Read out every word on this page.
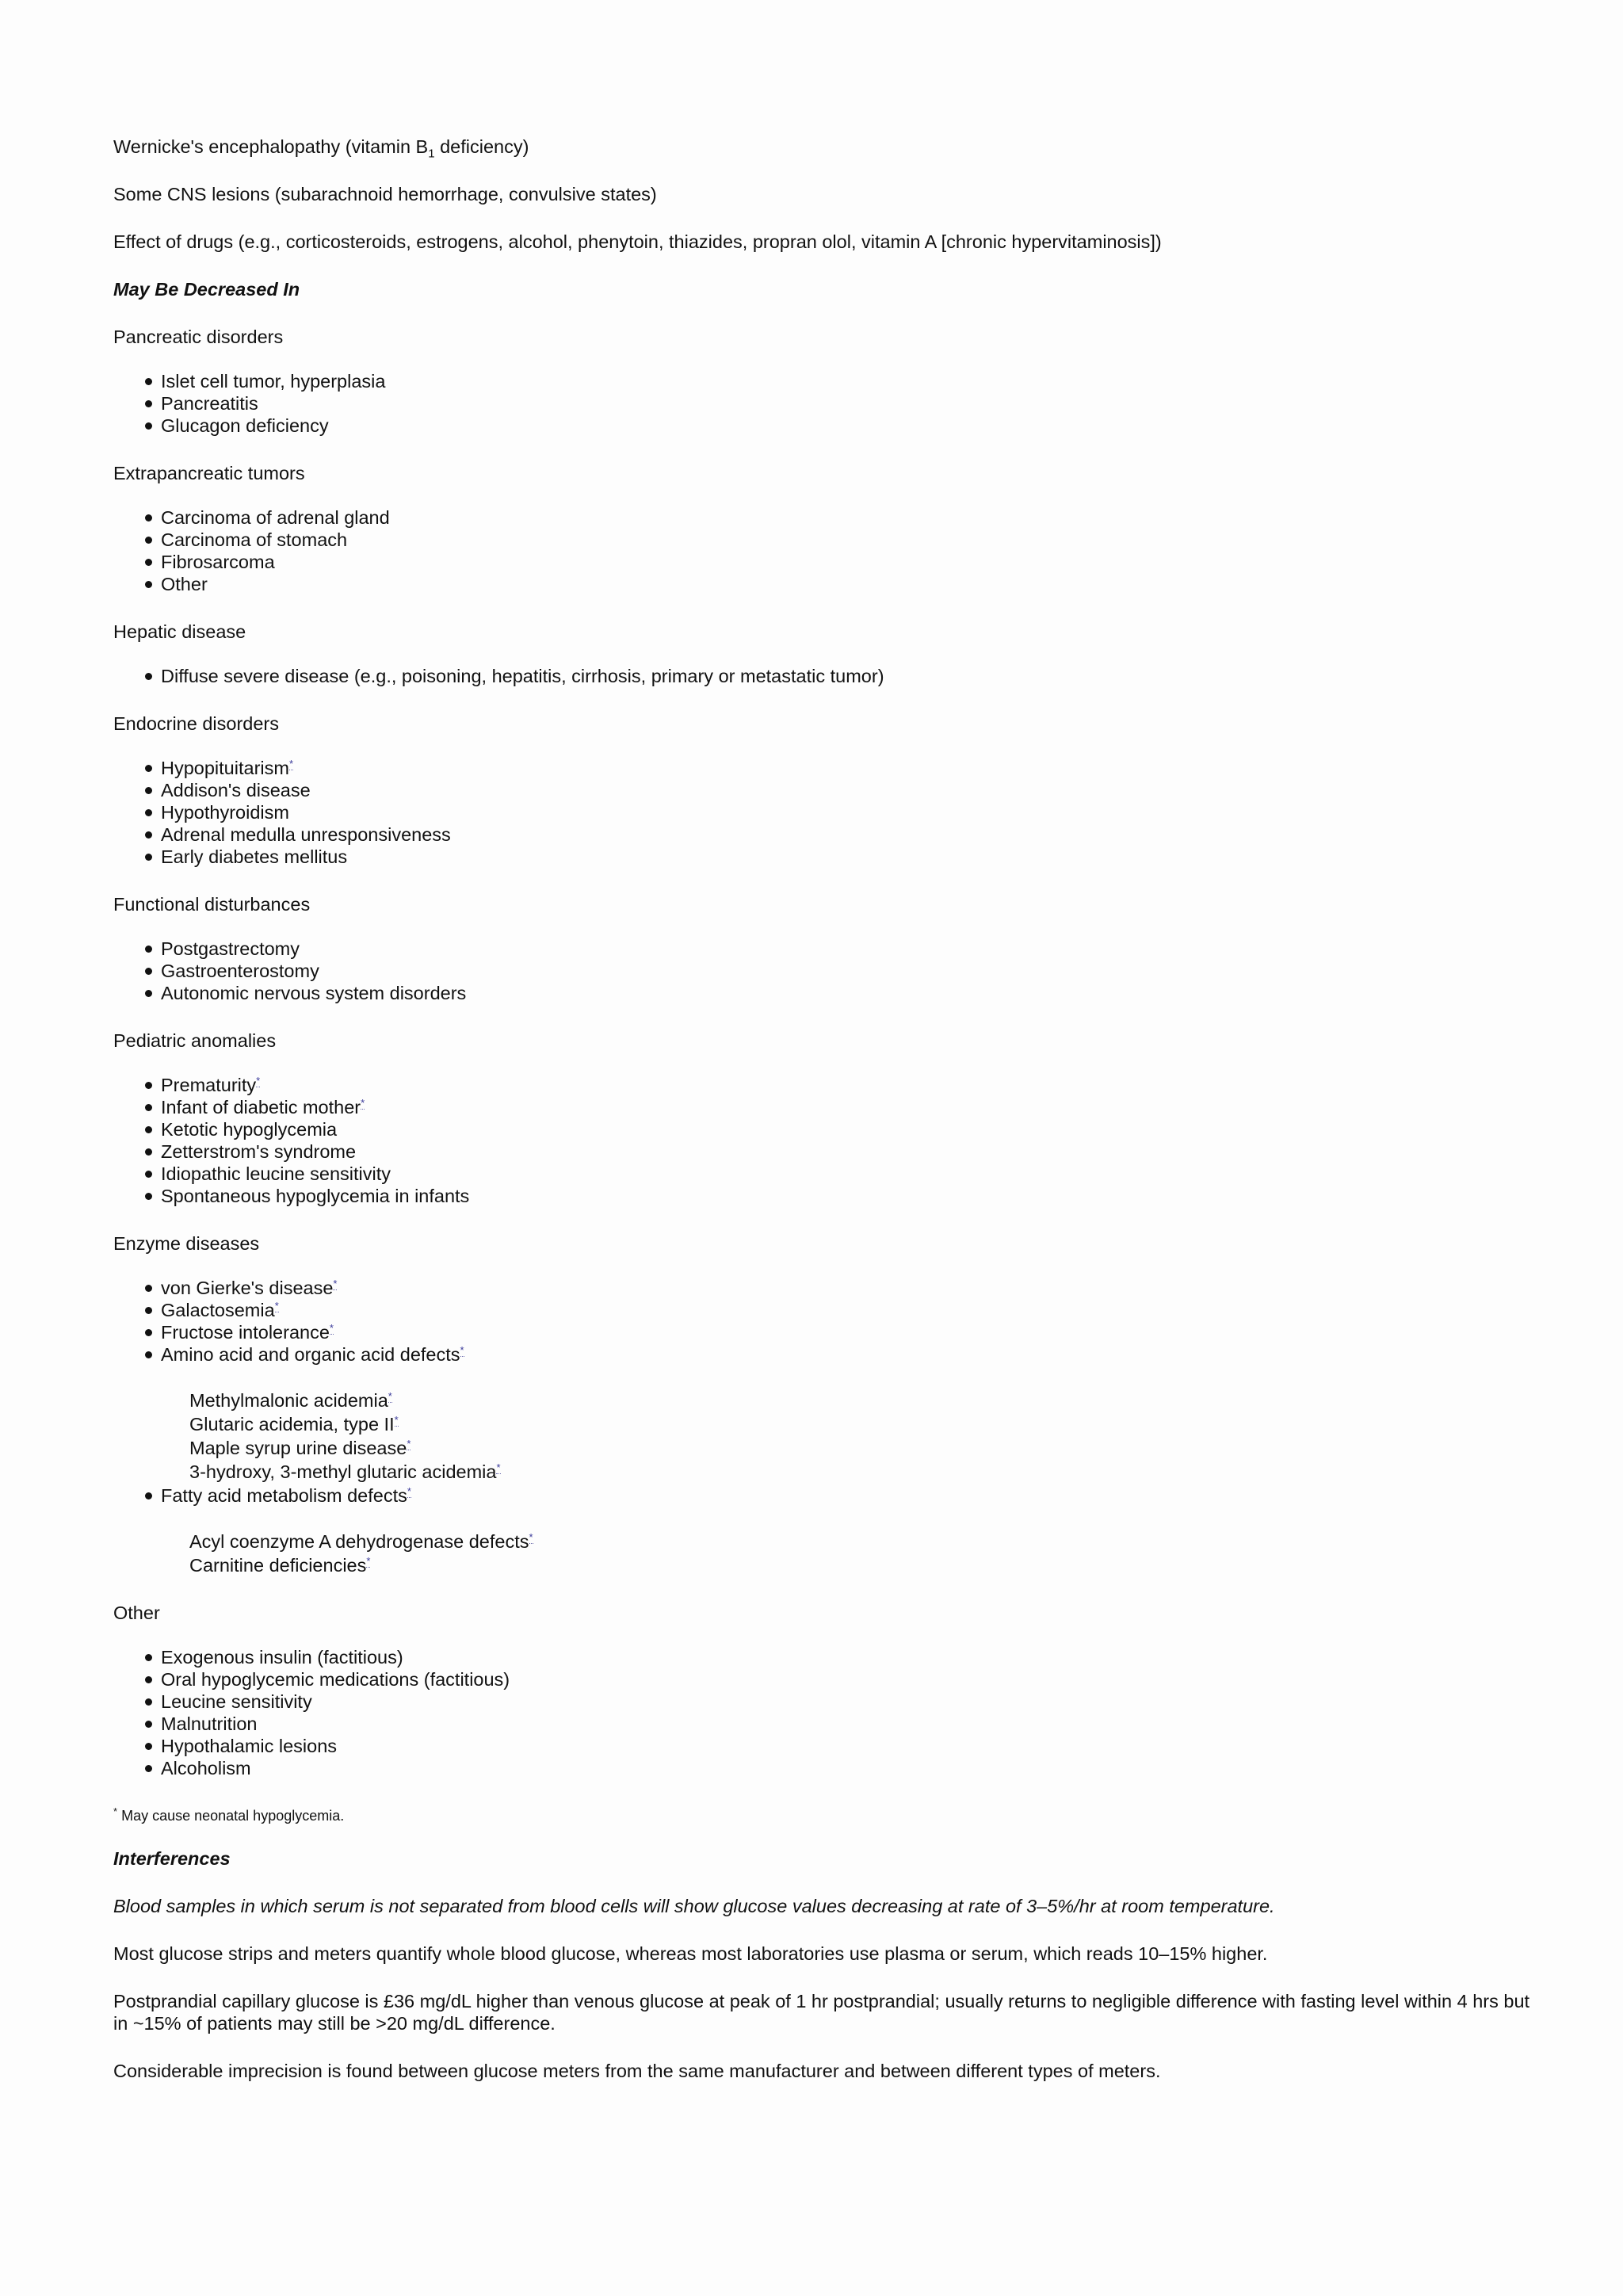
Wernicke's encephalopathy (vitamin $B_1$ deficiency)

Some CNS lesions (subarachnoid hemorrhage, convulsive states)

Effect of drugs (e.g., corticosteroids, estrogens, alcohol, phenytoin, thiazides, propran olol, vitamin A [chronic hypervitaminosis])

May Be Decreased In

Pancreatic disorders

Islet cell tumor, hyperplasia
Pancreatitis
Glucagon deficiency

Extrapancreatic tumors

Carcinoma of adrenal gland
Carcinoma of stomach
Fibrosarcoma
Other

Hepatic disease

Diffuse severe disease (e.g., poisoning, hepatitis, cirrhosis, primary or metastatic tumor)

Endocrine disorders

Hypopituitarism*
Addison's disease
Hypothyroidism
Adrenal medulla unresponsiveness
Early diabetes mellitus

Functional disturbances

Postgastrectomy
Gastroenterostomy
Autonomic nervous system disorders

Pediatric anomalies

Prematurity*
Infant of diabetic mother*
Ketotic hypoglycemia
Zetterstrom's syndrome
Idiopathic leucine sensitivity
Spontaneous hypoglycemia in infants

Enzyme diseases

von Gierke's disease*
Galactosemia*
Fructose intolerance*
Amino acid and organic acid defects*
Methylmalonic acidemia*
Glutaric acidemia, type II*
Maple syrup urine disease*
3-hydroxy, 3-methyl glutaric acidemia*
Fatty acid metabolism defects*
Acyl coenzyme A dehydrogenase defects*
Carnitine deficiencies*

Other

Exogenous insulin (factitious)
Oral hypoglycemic medications (factitious)
Leucine sensitivity
Malnutrition
Hypothalamic lesions
Alcoholism

* May cause neonatal hypoglycemia.

Interferences

Blood samples in which serum is not separated from blood cells will show glucose values decreasing at rate of 3–5%/hr at room temperature.

Most glucose strips and meters quantify whole blood glucose, whereas most laboratories use plasma or serum, which reads 10–15% higher.

Postprandial capillary glucose is £36 mg/dL higher than venous glucose at peak of 1 hr postprandial; usually returns to negligible difference with fasting level within 4 hrs but in ~15% of patients may still be >20 mg/dL difference.

Considerable imprecision is found between glucose meters from the same manufacturer and between different types of meters.
